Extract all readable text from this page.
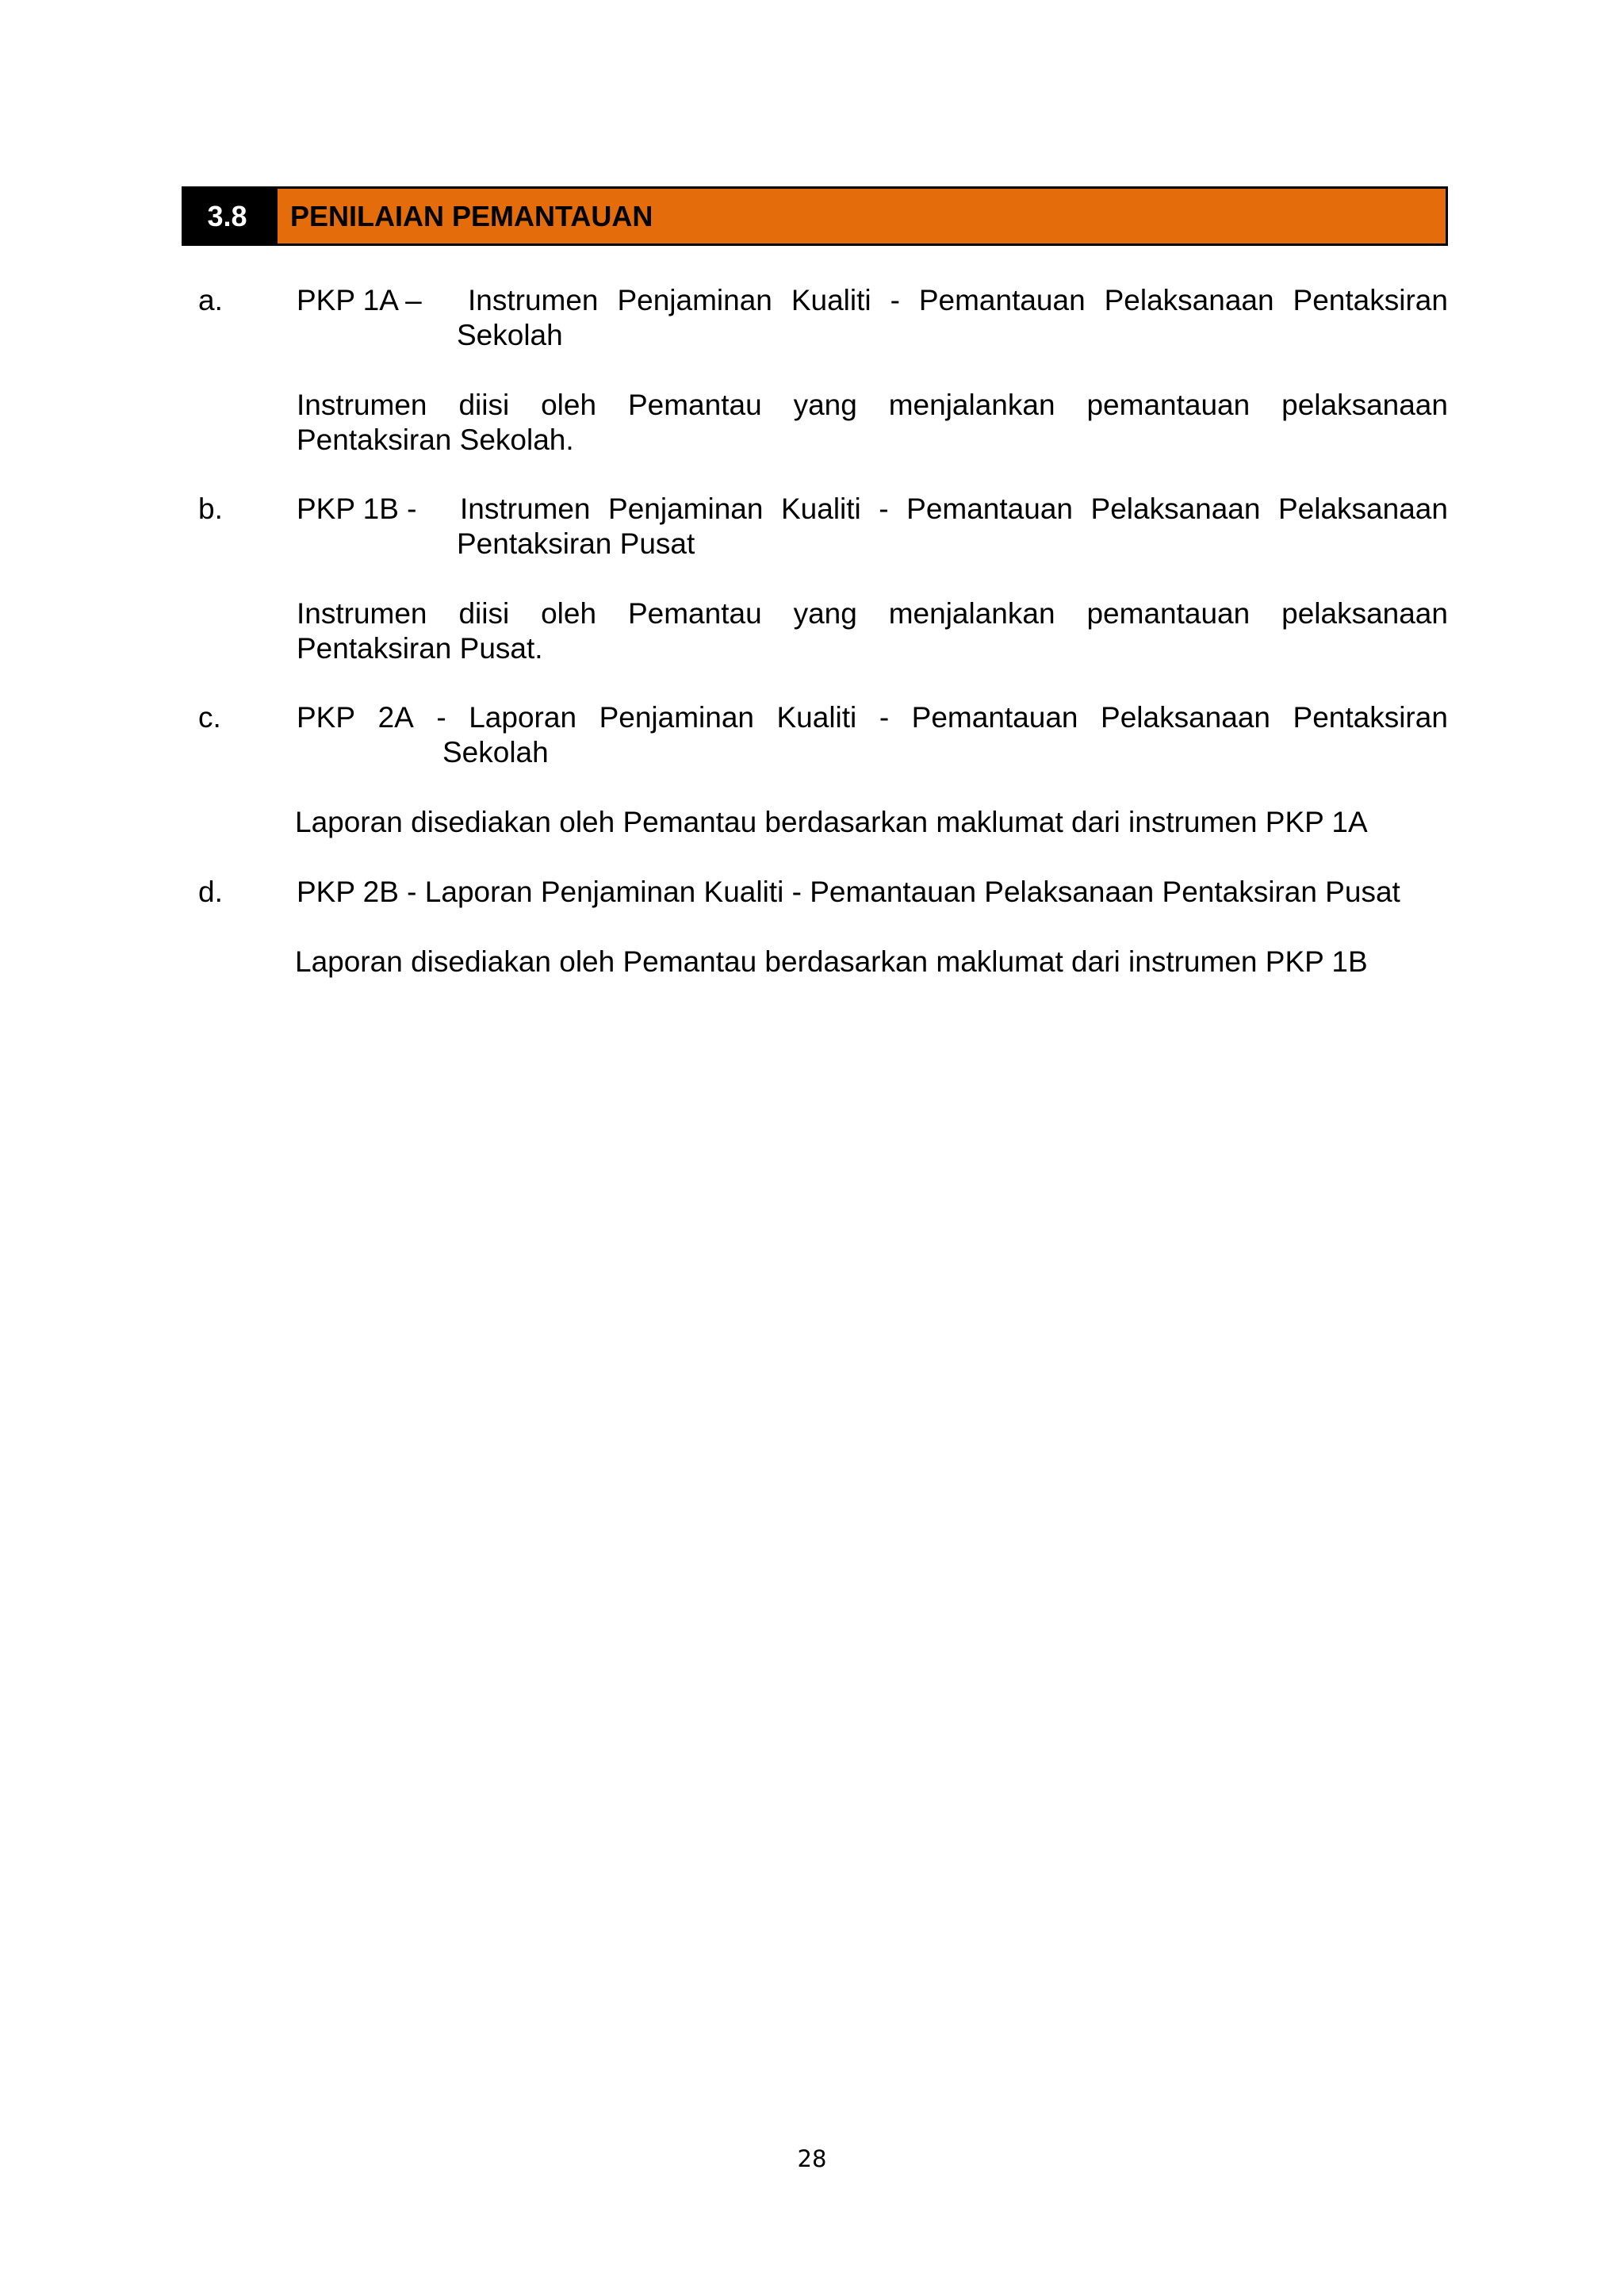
3.8	PENILAIAN PEMANTAUAN
a.	PKP 1A – Instrumen Penjaminan Kualiti - Pemantauan Pelaksanaan Pentaksiran
Sekolah
Instrumen diisi oleh Pemantau yang menjalankan pemantauan pelaksanaan
Pentaksiran Sekolah.
b.	PKP 1B - Instrumen Penjaminan Kualiti - Pemantauan Pelaksanaan Pelaksanaan
Pentaksiran Pusat
Instrumen diisi oleh Pemantau yang menjalankan pemantauan pelaksanaan
Pentaksiran Pusat.
c.	PKP 2A - Laporan Penjaminan Kualiti - Pemantauan Pelaksanaan Pentaksiran
Sekolah
Laporan disediakan oleh Pemantau berdasarkan maklumat dari instrumen PKP 1A
d.	PKP 2B - Laporan Penjaminan Kualiti - Pemantauan Pelaksanaan Pentaksiran Pusat
Laporan disediakan oleh Pemantau berdasarkan maklumat dari instrumen PKP 1B
28
